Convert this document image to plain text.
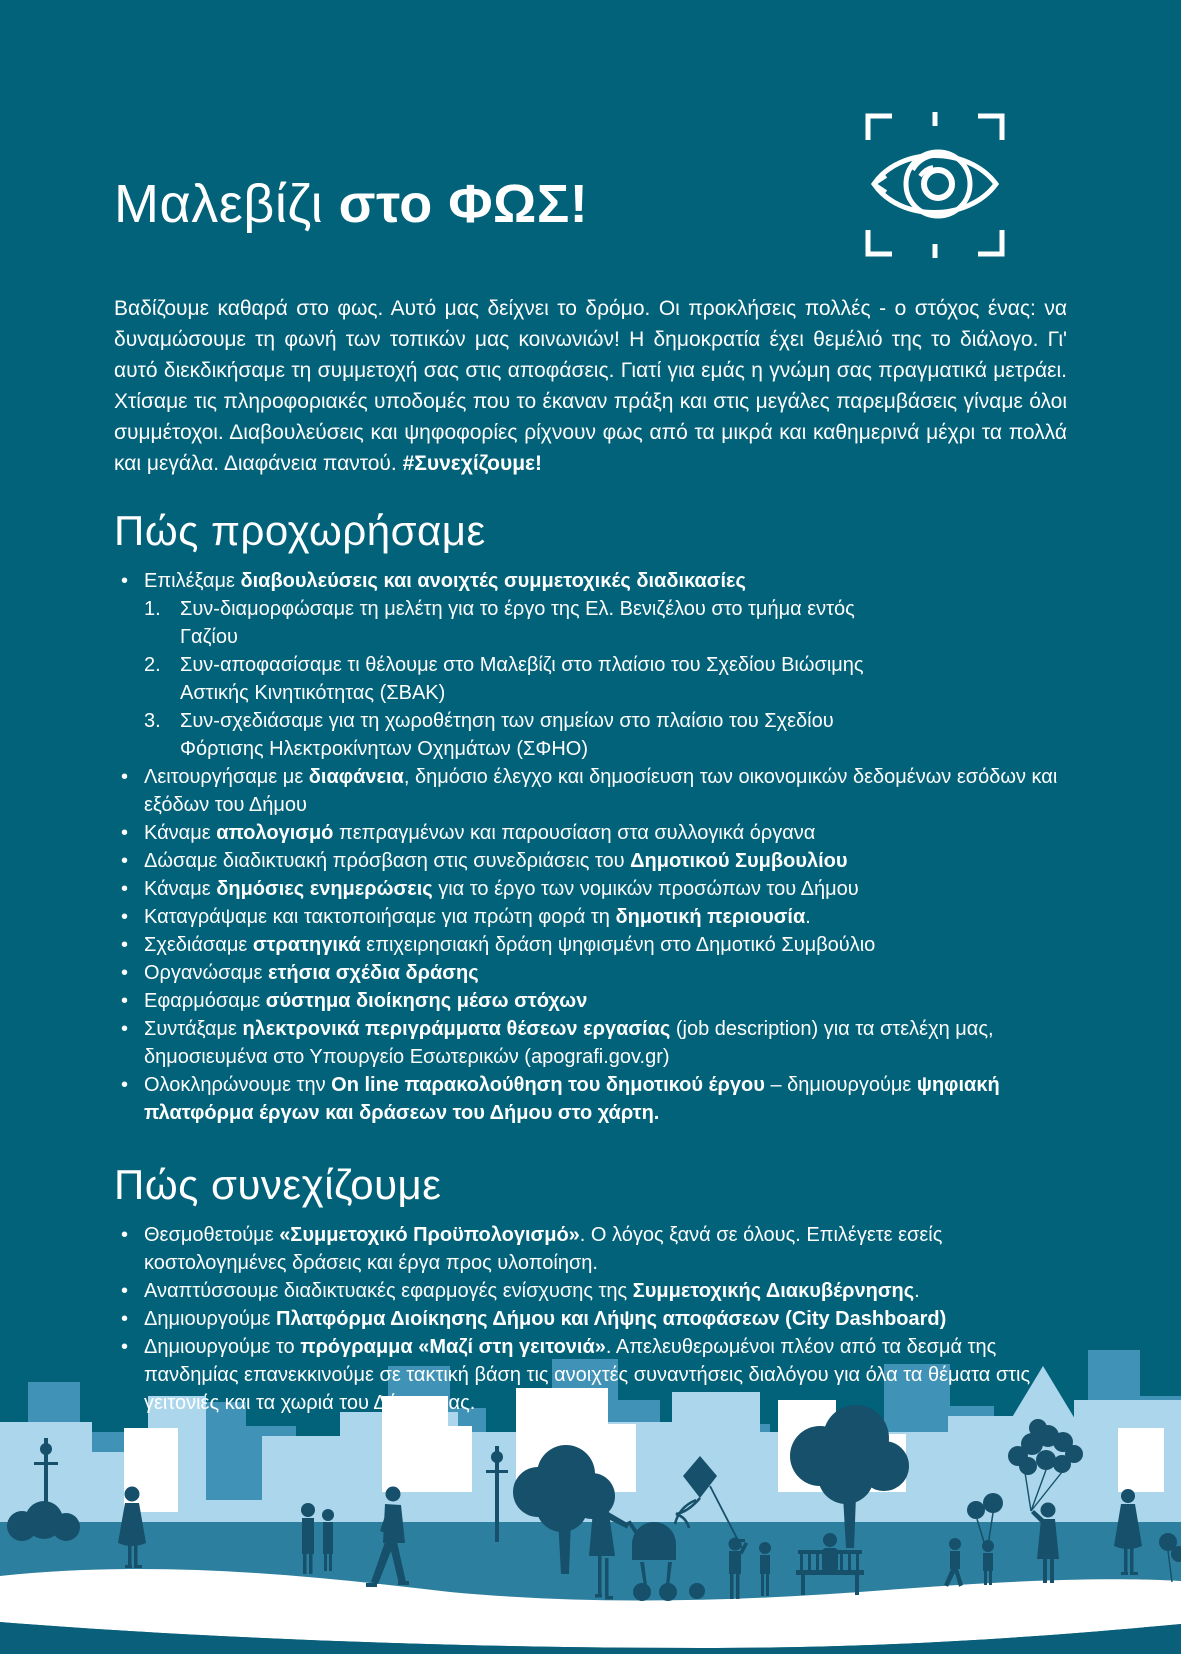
Μαλεβίζι στο ΦΩΣ!

Βαδίζουμε καθαρά στο φως. Αυτό μας δείχνει το δρόμο. Οι προκλήσεις πολλές - ο στόχος ένας: να δυναμώσουμε τη φωνή των τοπικών μας κοινωνιών! Η δημοκρατία έχει θεμέλιό της το διάλογο. Γι' αυτό διεκδικήσαμε τη συμμετοχή σας στις αποφάσεις. Γιατί για εμάς η γνώμη σας πραγματικά μετράει. Χτίσαμε τις πληροφοριακές υποδομές που το έκαναν πράξη και στις μεγάλες παρεμβάσεις γίναμε όλοι συμμέτοχοι. Διαβουλεύσεις και ψηφοφορίες ρίχνουν φως από τα μικρά και καθημερινά μέχρι τα πολλά και μεγάλα. Διαφάνεια παντού. #Συνεχίζουμε!

Πώς προχωρήσαμε
• Επιλέξαμε διαβουλεύσεις και ανοιχτές συμμετοχικές διαδικασίες

1. Συν-διαμορφώσαμε τη μελέτη για το έργο της Ελ. Βενιζέλου στο τμήμα εντός Γαζίου

2. Συν-αποφασίσαμε τι θέλουμε στο Μαλεβίζι στο πλαίσιο του Σχεδίου Βιώσιμης Αστικής Κινητικότητας (ΣΒΑΚ)

3. Συν-σχεδιάσαμε για τη χωροθέτηση των σημείων στο πλαίσιο του Σχεδίου Φόρτισης Ηλεκτροκίνητων Οχημάτων (ΣΦΗΟ)

• Λειτουργήσαμε με διαφάνεια, δημόσιο έλεγχο και δημοσίευση των οικονομικών δεδομένων εσόδων και εξόδων του Δήμου

• Κάναμε απολογισμό πεπραγμένων και παρουσίαση στα συλλογικά όργανα

• Δώσαμε διαδικτυακή πρόσβαση στις συνεδριάσεις του Δημοτικού Συμβουλίου

• Κάναμε δημόσιες ενημερώσεις για το έργο των νομικών προσώπων του Δήμου

• Καταγράψαμε και τακτοποιήσαμε για πρώτη φορά τη δημοτική περιουσία.

• Σχεδιάσαμε στρατηγικά επιχειρησιακή δράση ψηφισμένη στο Δημοτικό Συμβούλιο

• Οργανώσαμε ετήσια σχέδια δράσης

• Εφαρμόσαμε σύστημα διοίκησης μέσω στόχων

• Συντάξαμε ηλεκτρονικά περιγράμματα θέσεων εργασίας (job description) για τα στελέχη μας, δημοσιευμένα στο Υπουργείο Εσωτερικών (apografi.gov.gr)

• Ολοκληρώνουμε την On line παρακολούθηση του δημοτικού έργου – δημιουργούμε ψηφιακή πλατφόρμα έργων και δράσεων του Δήμου στο χάρτη.

Πώς συνεχίζουμε
• Θεσμοθετούμε «Συμμετοχικό Προϋπολογισμό». Ο λόγος ξανά σε όλους. Επιλέγετε εσείς κοστολογημένες δράσεις και έργα προς υλοποίηση.

• Αναπτύσσουμε διαδικτυακές εφαρμογές ενίσχυσης της Συμμετοχικής Διακυβέρνησης.

• Δημιουργούμε Πλατφόρμα Διοίκησης Δήμου και Λήψης αποφάσεων (City Dashboard)

• Δημιουργούμε το πρόγραμμα «Μαζί στη γειτονιά». Απελευθερωμένοι πλέον από τα δεσμά της πανδημίας επανεκκινούμε σε τακτική βάση τις ανοιχτές συναντήσεις διαλόγου για όλα τα θέματα στις γειτονιές και τα χωριά του Δήμου μας.
